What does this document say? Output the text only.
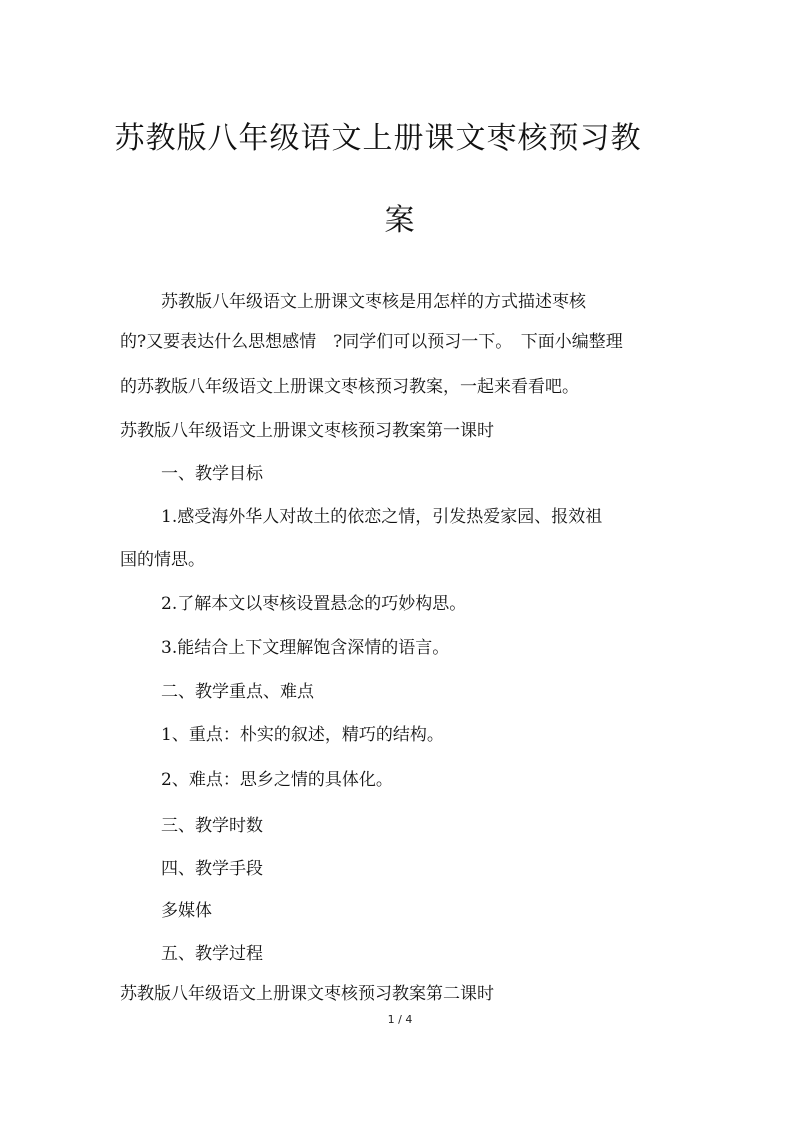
苏教版八年级语文上册课文枣核预习教
案
苏教版八年级语文上册课文枣核是用怎样的方式描述枣核
的?又要表达什么思想感情　?同学们可以预习一下。　下面小编整理
的苏教版八年级语文上册课文枣核预习教案，一起来看看吧。
苏教版八年级语文上册课文枣核预习教案第一课时
一、教学目标
1.感受海外华人对故土的依恋之情，引发热爱家园、报效祖
国的情思。
2.了解本文以枣核设置悬念的巧妙构思。
3.能结合上下文理解饱含深情的语言。
二、教学重点、难点
1、重点：朴实的叙述，精巧的结构。
2、难点：思乡之情的具体化。
三、教学时数
四、教学手段
多媒体
五、教学过程
苏教版八年级语文上册课文枣核预习教案第二课时
1 / 4
